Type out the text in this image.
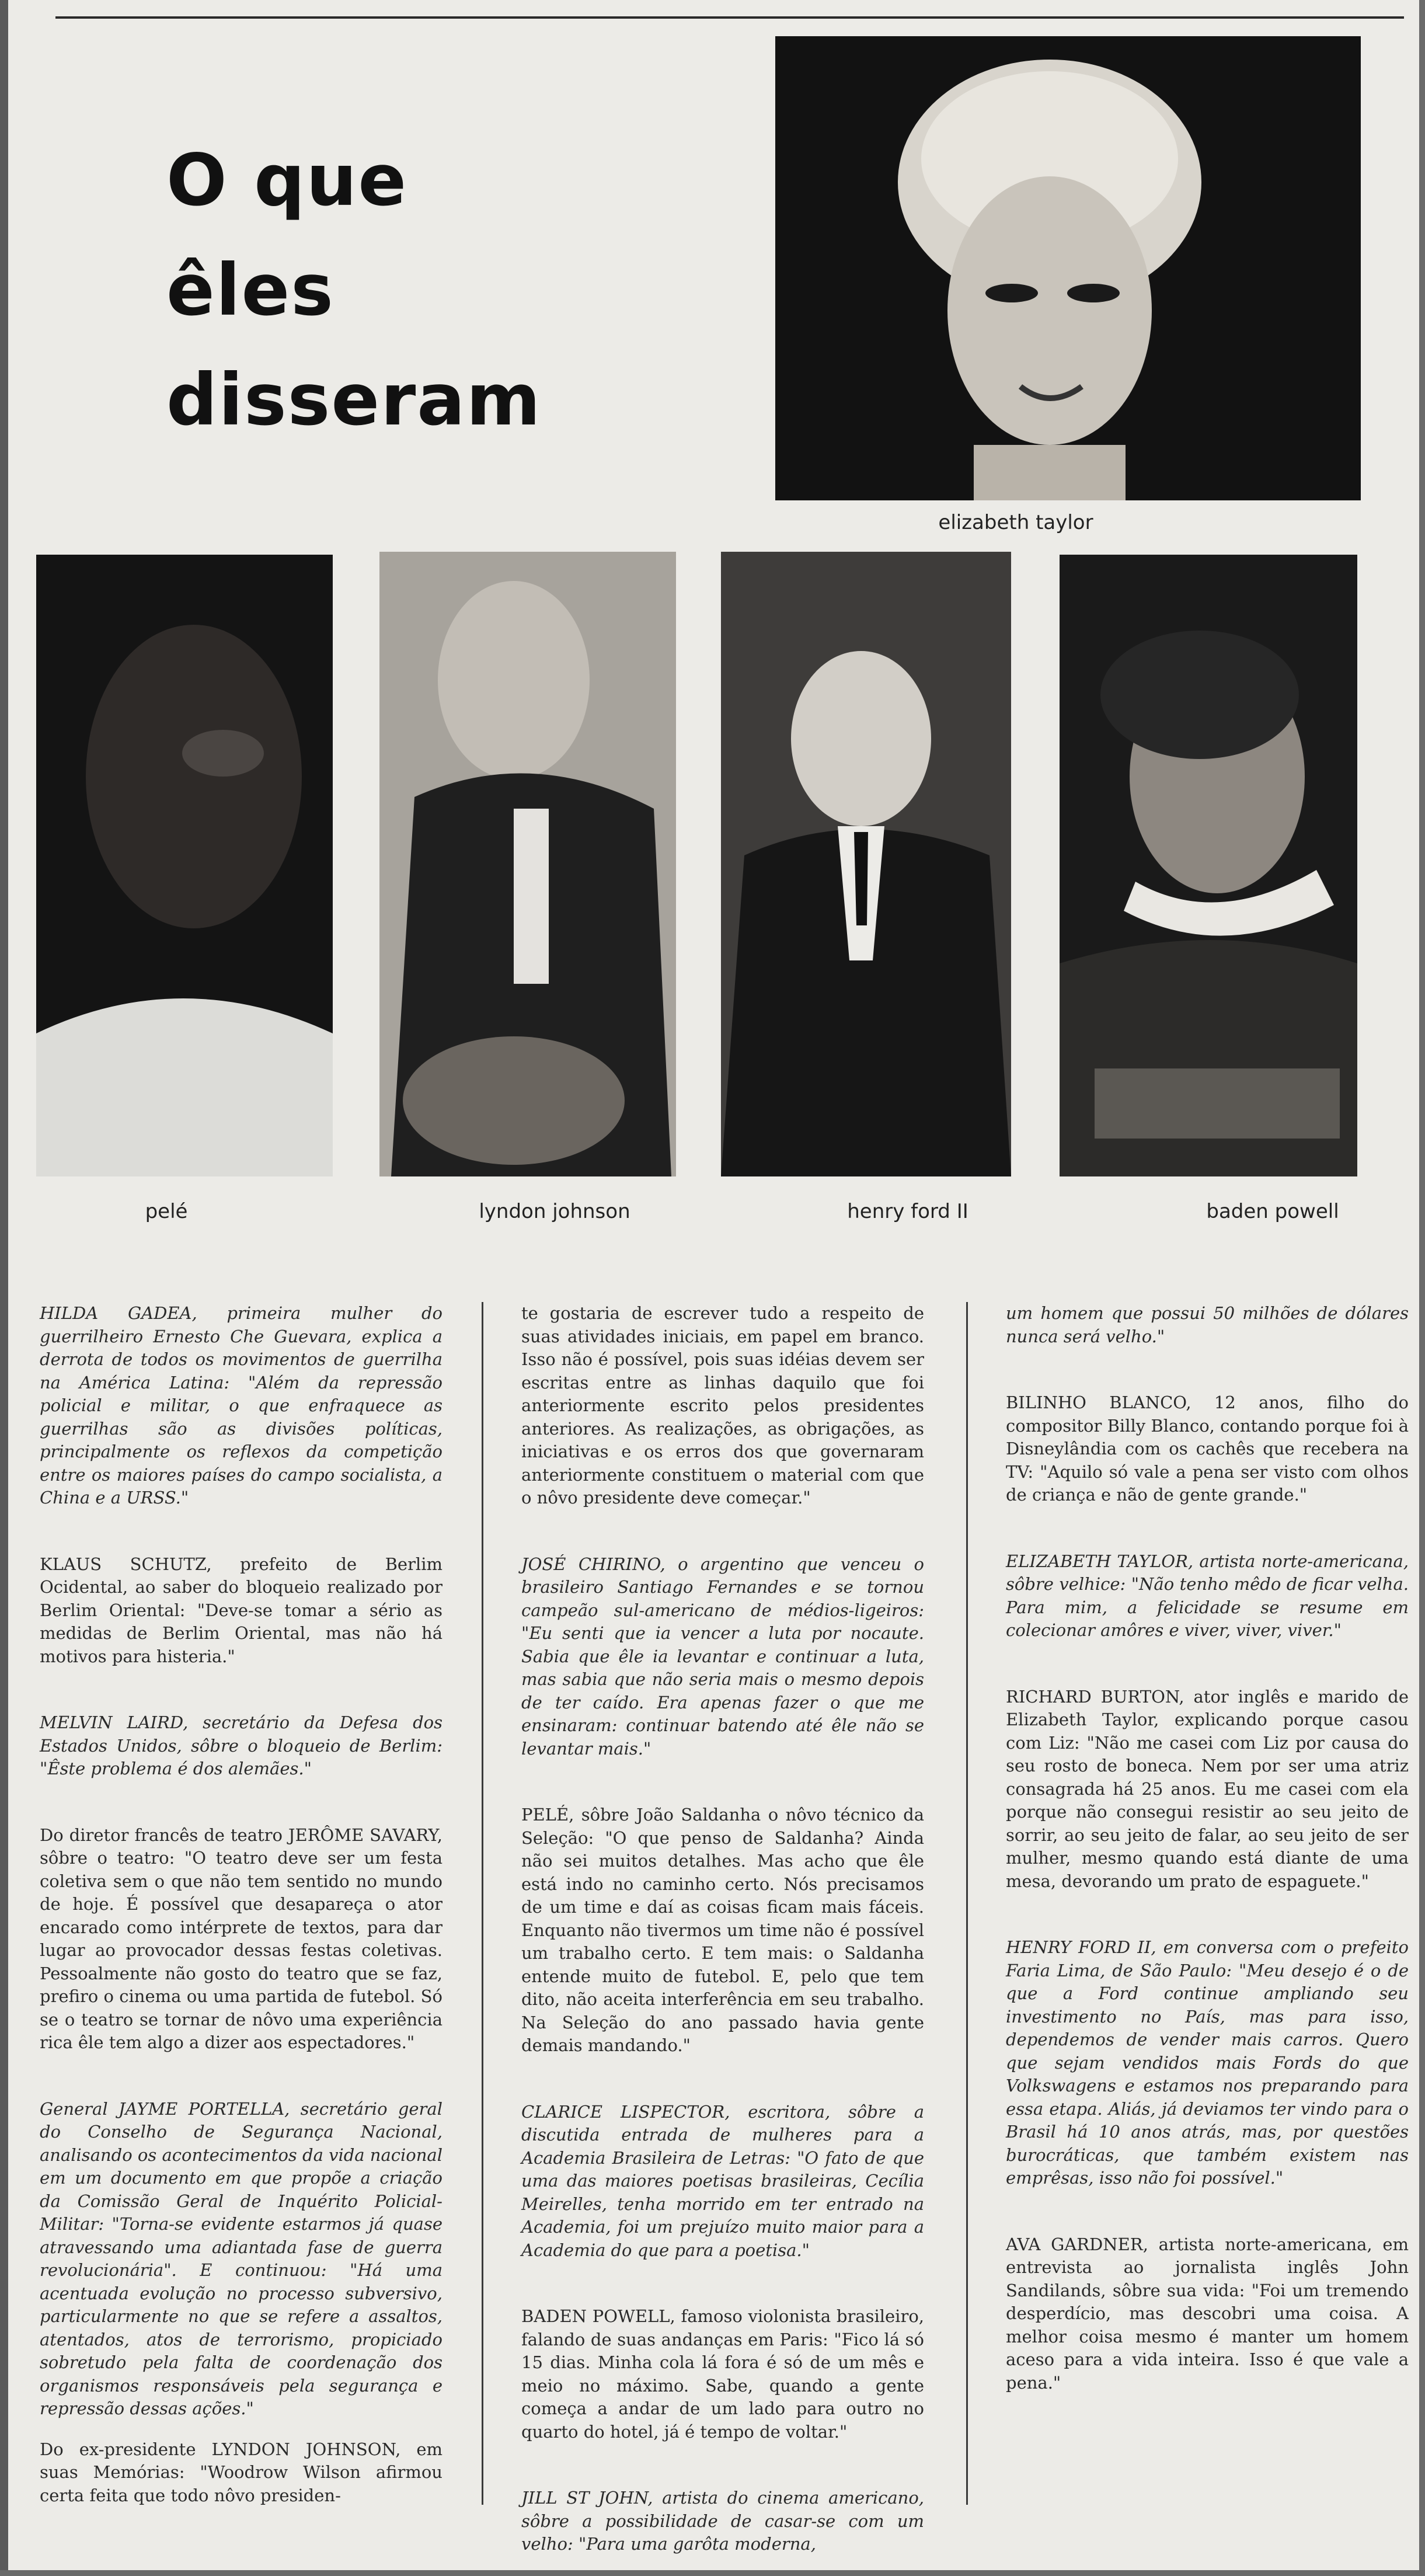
O que
êles
disseram
elizabeth taylor
pelé	lyndon johnson	henry ford II	baden powell

HILDA GADEA, primeira mulher do guerrilheiro Ernesto Che Guevara, explica a derrota de todos os movimentos de guerrilha na América Latina: "Além da repressão policial e militar, o que enfraquece as guerrilhas são as divisões políticas, principalmente os reflexos da competição entre os maiores países do campo socialista, a China e a URSS."

KLAUS SCHUTZ, prefeito de Berlim Ocidental, ao saber do bloqueio realizado por Berlim Oriental: "Deve-se tomar a sério as medidas de Berlim Oriental, mas não há motivos para histeria."

MELVIN LAIRD, secretário da Defesa dos Estados Unidos, sôbre o bloqueio de Berlim: "Êste problema é dos alemães."

Do diretor francês de teatro JERÔME SAVARY, sôbre o teatro: "O teatro deve ser um festa coletiva sem o que não tem sentido no mundo de hoje. É possível que desapareça o ator encarado como intérprete de textos, para dar lugar ao provocador dessas festas coletivas. Pessoalmente não gosto do teatro que se faz, prefiro o cinema ou uma partida de futebol. Só se o teatro se tornar de nôvo uma experiência rica êle tem algo a dizer aos espectadores."

General JAYME PORTELLA, secretário geral do Conselho de Segurança Nacional, analisando os acontecimentos da vida nacional em um documento em que propõe a criação da Comissão Geral de Inquérito Policial-Militar: "Torna-se evidente estarmos já quase atravessando uma adiantada fase de guerra revolucionária". E continuou: "Há uma acentuada evolução no processo subversivo, particularmente no que se refere a assaltos, atentados, atos de terrorismo, propiciado sobretudo pela falta de coordenação dos organismos responsáveis pela segurança e repressão dessas ações."

Do ex-presidente LYNDON JOHNSON, em suas Memórias: "Woodrow Wilson afirmou certa feita que todo nôvo presiden-

te gostaria de escrever tudo a respeito de suas atividades iniciais, em papel em branco. Isso não é possível, pois suas idéias devem ser escritas entre as linhas daquilo que foi anteriormente escrito pelos presidentes anteriores. As realizações, as obrigações, as iniciativas e os erros dos que governaram anteriormente constituem o material com que o nôvo presidente deve começar."

JOSÉ CHIRINO, o argentino que venceu o brasileiro Santiago Fernandes e se tornou campeão sul-americano de médios-ligeiros: "Eu senti que ia vencer a luta por nocaute. Sabia que êle ia levantar e continuar a luta, mas sabia que não seria mais o mesmo depois de ter caído. Era apenas fazer o que me ensinaram: continuar batendo até êle não se levantar mais."

PELÉ, sôbre João Saldanha o nôvo técnico da Seleção: "O que penso de Saldanha? Ainda não sei muitos detalhes. Mas acho que êle está indo no caminho certo. Nós precisamos de um time e daí as coisas ficam mais fáceis. Enquanto não tivermos um time não é possível um trabalho certo. E tem mais: o Saldanha entende muito de futebol. E, pelo que tem dito, não aceita interferência em seu trabalho. Na Seleção do ano passado havia gente demais mandando."

CLARICE LISPECTOR, escritora, sôbre a discutida entrada de mulheres para a Academia Brasileira de Letras: "O fato de que uma das maiores poetisas brasileiras, Cecília Meirelles, tenha morrido em ter entrado na Academia, foi um prejuízo muito maior para a Academia do que para a poetisa."

BADEN POWELL, famoso violonista brasileiro, falando de suas andanças em Paris: "Fico lá só 15 dias. Minha cola lá fora é só de um mês e meio no máximo. Sabe, quando a gente começa a andar de um lado para outro no quarto do hotel, já é tempo de voltar."

JILL ST JOHN, artista do cinema americano, sôbre a possibilidade de casar-se com um velho: "Para uma garôta moderna,

um homem que possui 50 milhões de dólares nunca será velho."

BILINHO BLANCO, 12 anos, filho do compositor Billy Blanco, contando porque foi à Disneylândia com os cachês que recebera na TV: "Aquilo só vale a pena ser visto com olhos de criança e não de gente grande."

ELIZABETH TAYLOR, artista norte-americana, sôbre velhice: "Não tenho mêdo de ficar velha. Para mim, a felicidade se resume em colecionar amôres e viver, viver, viver."

RICHARD BURTON, ator inglês e marido de Elizabeth Taylor, explicando porque casou com Liz: "Não me casei com Liz por causa do seu rosto de boneca. Nem por ser uma atriz consagrada há 25 anos. Eu me casei com ela porque não consegui resistir ao seu jeito de sorrir, ao seu jeito de falar, ao seu jeito de ser mulher, mesmo quando está diante de uma mesa, devorando um prato de espaguete."

HENRY FORD II, em conversa com o prefeito Faria Lima, de São Paulo: "Meu desejo é o de que a Ford continue ampliando seu investimento no País, mas para isso, dependemos de vender mais carros. Quero que sejam vendidos mais Fords do que Volkswagens e estamos nos preparando para essa etapa. Aliás, já deviamos ter vindo para o Brasil há 10 anos atrás, mas, por questões burocráticas, que também existem nas emprêsas, isso não foi possível."

AVA GARDNER, artista norte-americana, em entrevista ao jornalista inglês John Sandilands, sôbre sua vida: "Foi um tremendo desperdício, mas descobri uma coisa. A melhor coisa mesmo é manter um homem aceso para a vida inteira. Isso é que vale a pena."
